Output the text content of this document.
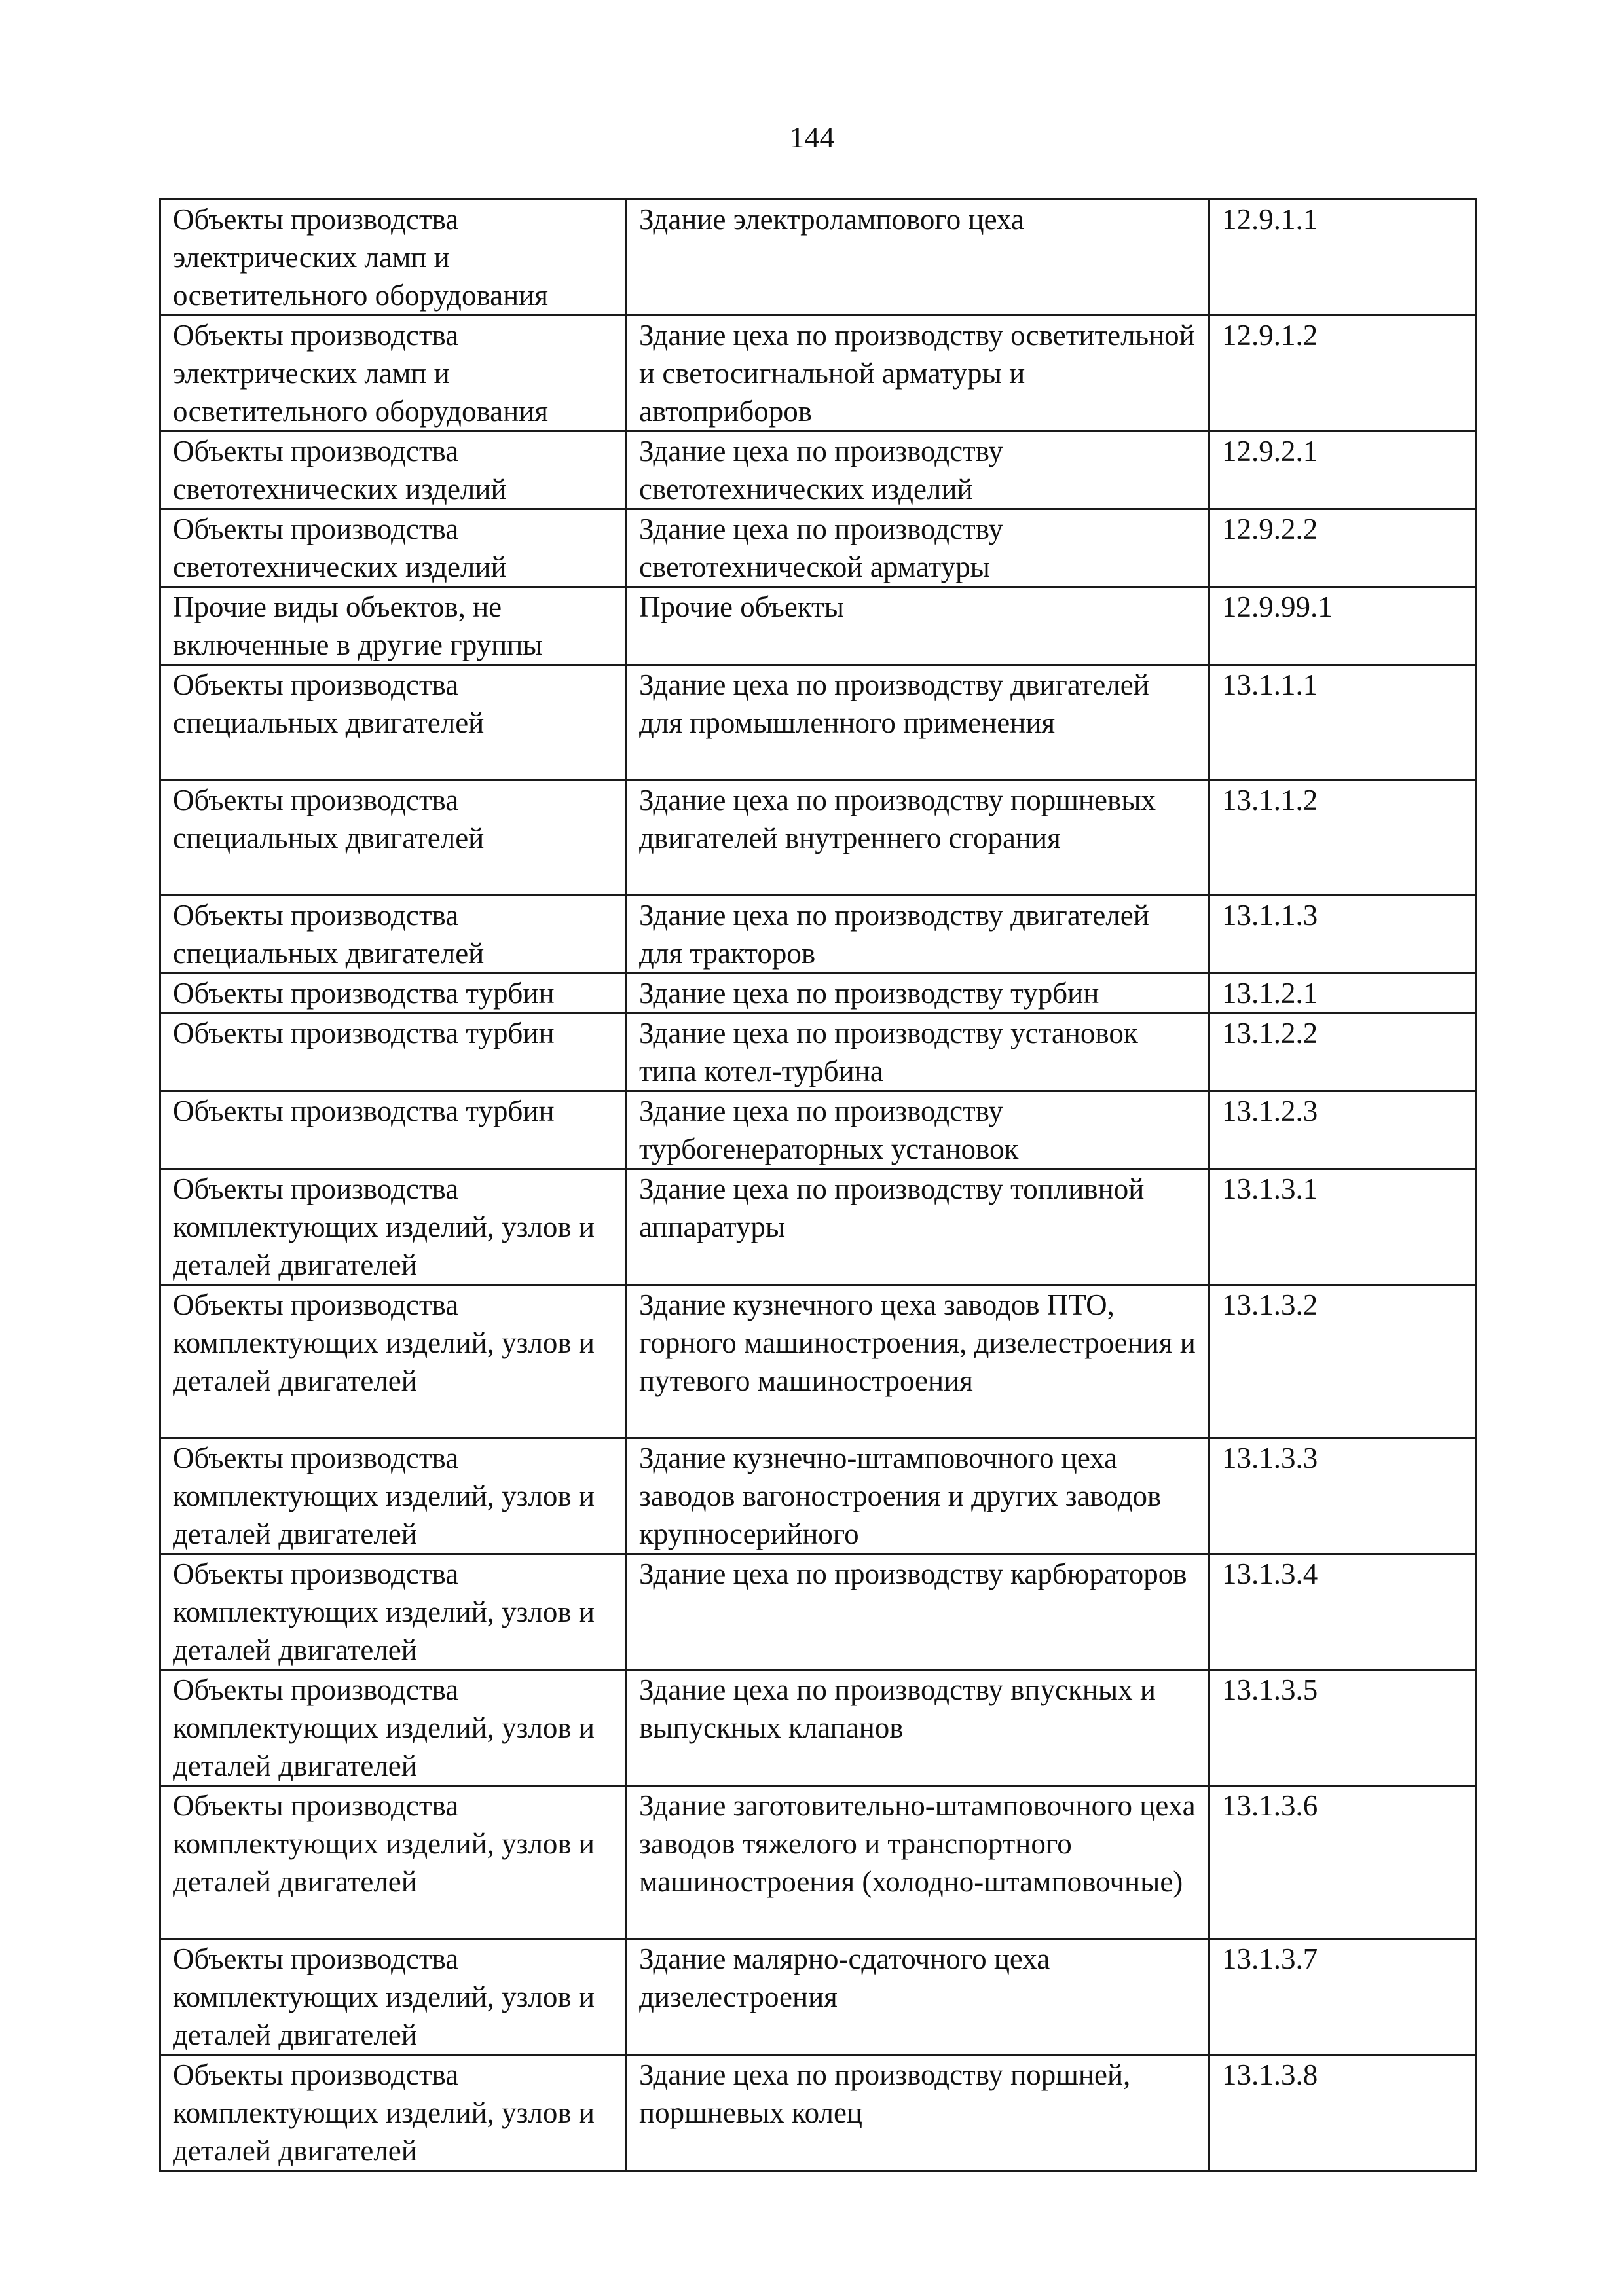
144
Объекты производства электрических ламп и осветительного оборудования	Здание электролампового цеха	12.9.1.1
Объекты производства электрических ламп и осветительного оборудования	Здание цеха по производству осветительной и светосигнальной арматуры и автоприборов	12.9.1.2
Объекты производства светотехнических изделий	Здание цеха по производству светотехнических изделий	12.9.2.1
Объекты производства светотехнических изделий	Здание цеха по производству светотехнической арматуры	12.9.2.2
Прочие виды объектов, не включенные в другие группы	Прочие объекты	12.9.99.1
Объекты производства специальных двигателей	Здание цеха по производству двигателей для промышленного применения	13.1.1.1
Объекты производства специальных двигателей	Здание цеха по производству поршневых двигателей внутреннего сгорания	13.1.1.2
Объекты производства специальных двигателей	Здание цеха по производству двигателей для тракторов	13.1.1.3
Объекты производства турбин	Здание цеха по производству турбин	13.1.2.1
Объекты производства турбин	Здание цеха по производству установок типа котел-турбина	13.1.2.2
Объекты производства турбин	Здание цеха по производству турбогенераторных установок	13.1.2.3
Объекты производства комплектующих изделий, узлов и деталей двигателей	Здание цеха по производству топливной аппаратуры	13.1.3.1
Объекты производства комплектующих изделий, узлов и деталей двигателей	Здание кузнечного цеха заводов ПТО, горного машиностроения, дизелестроения и путевого машиностроения	13.1.3.2
Объекты производства комплектующих изделий, узлов и деталей двигателей	Здание кузнечно-штамповочного цеха заводов вагоностроения и других заводов крупносерийного	13.1.3.3
Объекты производства комплектующих изделий, узлов и деталей двигателей	Здание цеха по производству карбюраторов	13.1.3.4
Объекты производства комплектующих изделий, узлов и деталей двигателей	Здание цеха по производству впускных и выпускных клапанов	13.1.3.5
Объекты производства комплектующих изделий, узлов и деталей двигателей	Здание заготовительно-штамповочного цеха заводов тяжелого и транспортного машиностроения (холодно-штамповочные)	13.1.3.6
Объекты производства комплектующих изделий, узлов и деталей двигателей	Здание малярно-сдаточного цеха дизелестроения	13.1.3.7
Объекты производства комплектующих изделий, узлов и деталей двигателей	Здание цеха по производству поршней, поршневых колец	13.1.3.8
